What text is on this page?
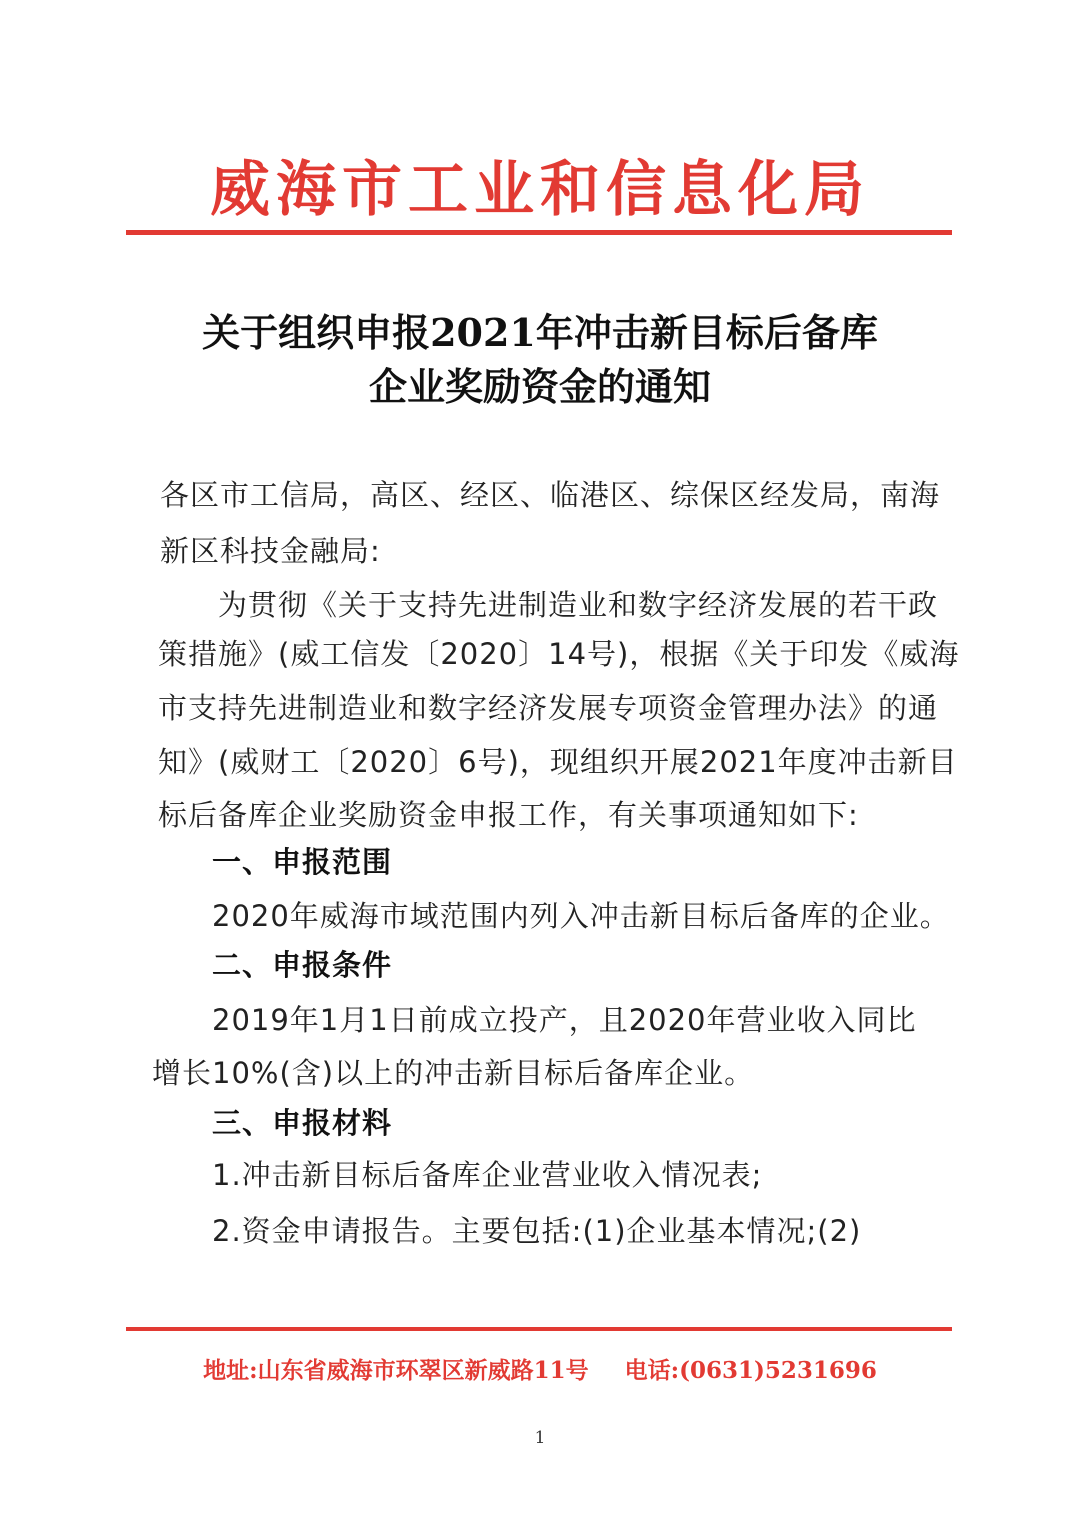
威海市工业和信息化局
关于组织申报2021年冲击新目标后备库
企业奖励资金的通知
各区市工信局，高区、经区、临港区、综保区经发局，南海
新区科技金融局:
为贯彻《关于支持先进制造业和数字经济发展的若干政
策措施》(威工信发〔2020〕14号)，根据《关于印发《威海
市支持先进制造业和数字经济发展专项资金管理办法》的通
知》(威财工〔2020〕6号)，现组织开展2021年度冲击新目
标后备库企业奖励资金申报工作，有关事项通知如下:
一、申报范围
2020年威海市域范围内列入冲击新目标后备库的企业。
二、申报条件
2019年1月1日前成立投产，且2020年营业收入同比
增长10%(含)以上的冲击新目标后备库企业。
三、申报材料
1.冲击新目标后备库企业营业收入情况表;
2.资金申请报告。主要包括:(1)企业基本情况;(2)
地址:山东省威海市环翠区新威路11号 电话:(0631)5231696
1
